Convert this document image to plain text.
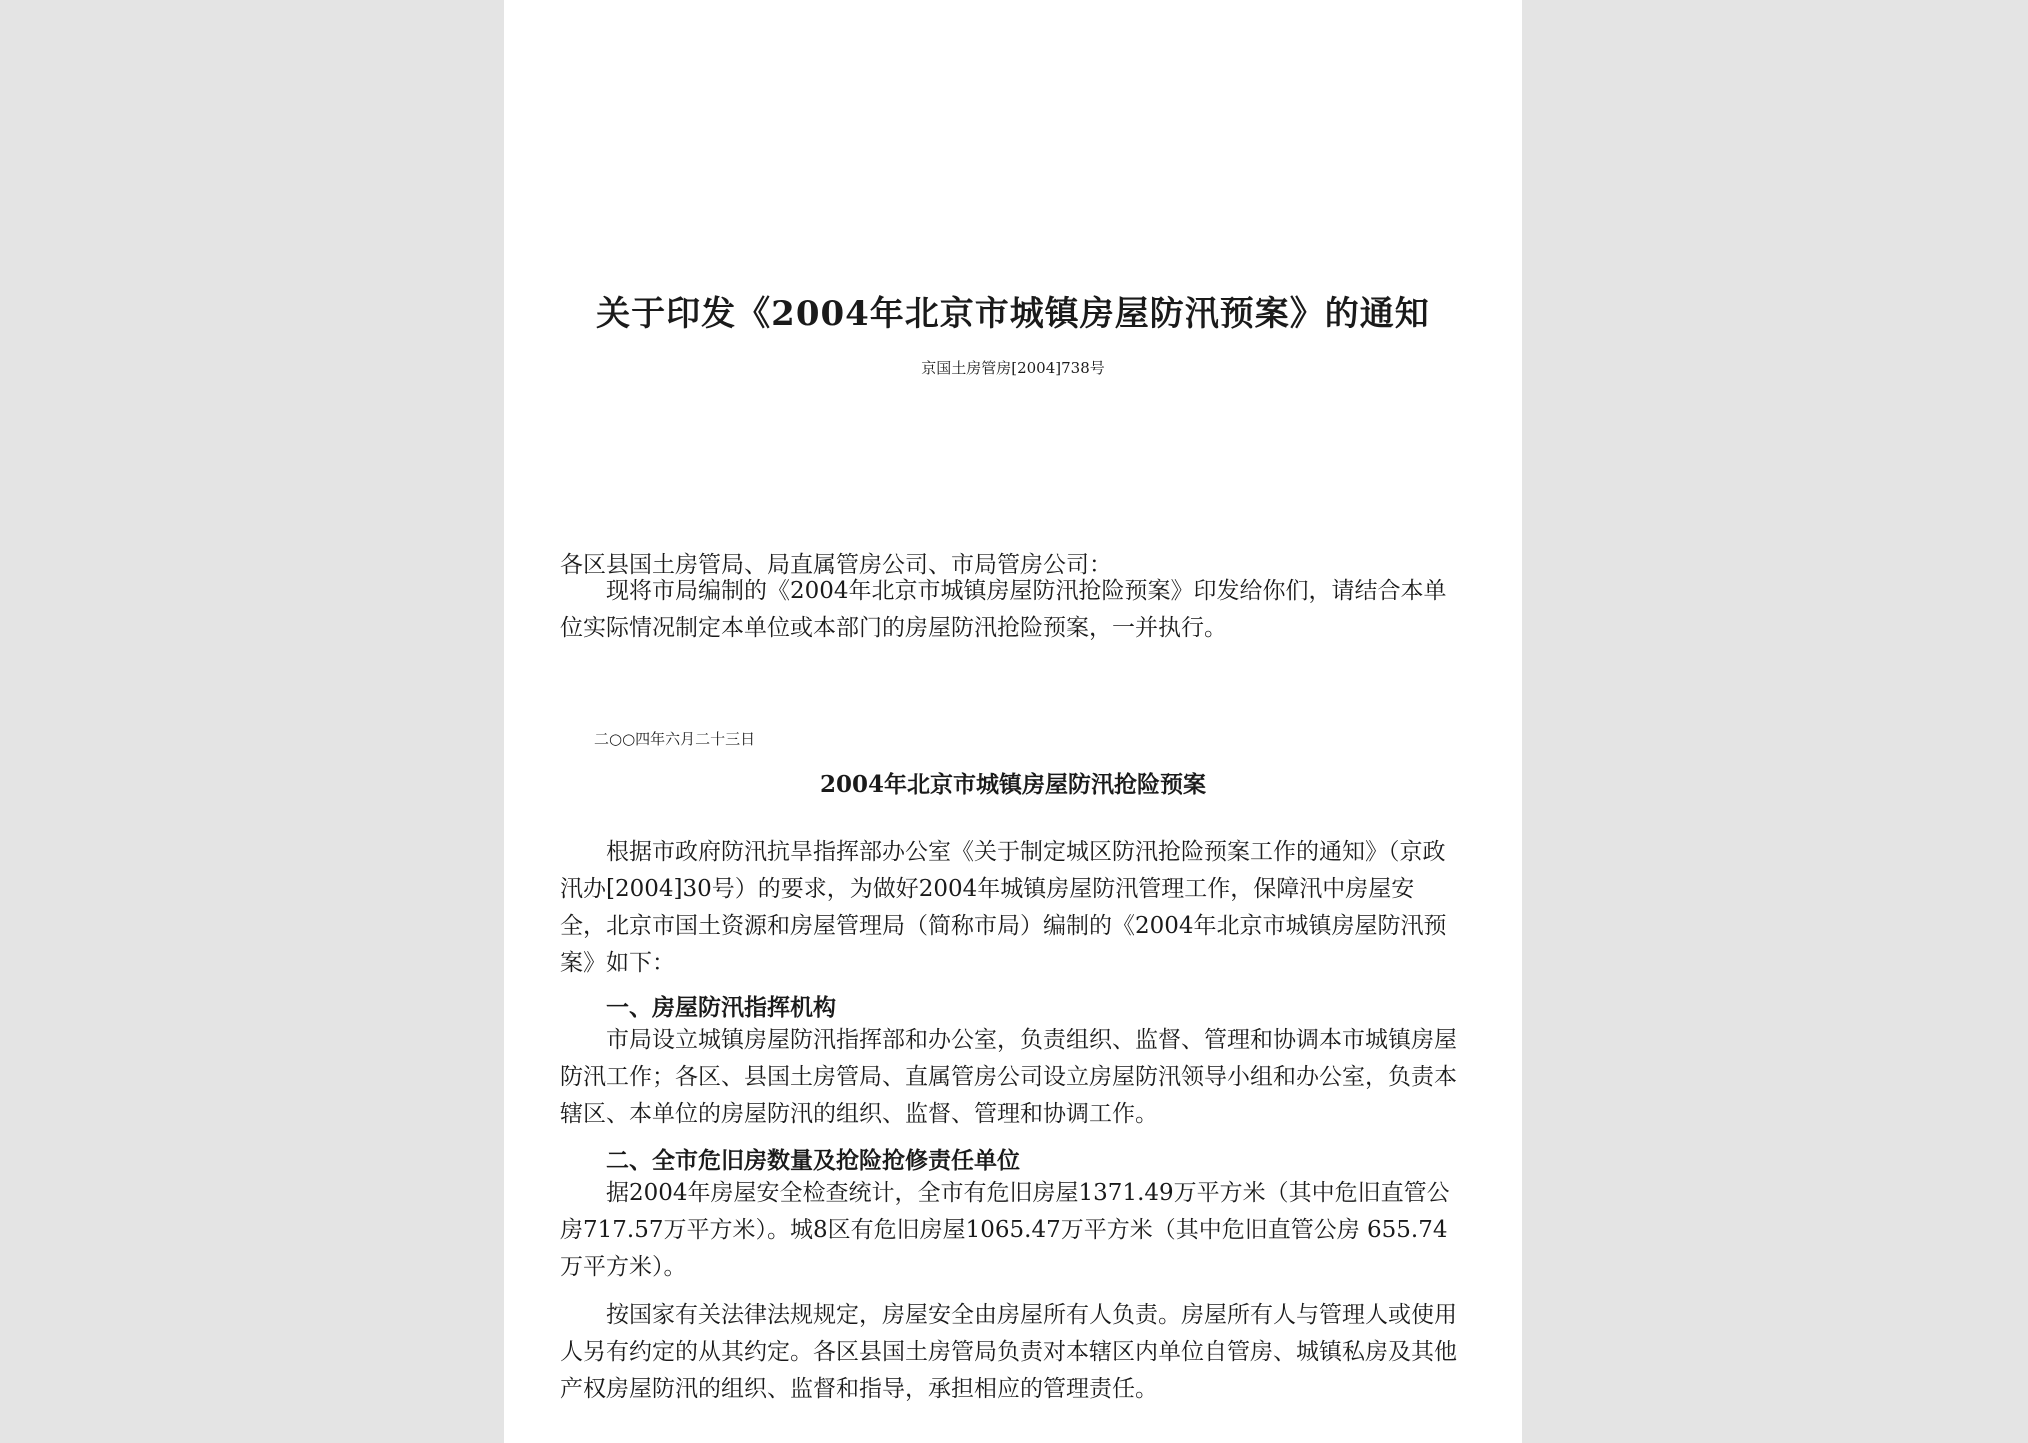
关于印发《2004年北京市城镇房屋防汛预案》的通知
京国土房管房[2004]738号

各区县国土房管局、局直属管房公司、市局管房公司：

现将市局编制的《2004年北京市城镇房屋防汛抢险预案》印发给你们，请结合本单位实际情况制定本单位或本部门的房屋防汛抢险预案，一并执行。

二○○四年六月二十三日
2004年北京市城镇房屋防汛抢险预案

根据市政府防汛抗旱指挥部办公室《关于制定城区防汛抢险预案工作的通知》（京政汛办[2004]30号）的要求，为做好2004年城镇房屋防汛管理工作，保障汛中房屋安全，北京市国土资源和房屋管理局（简称市局）编制的《2004年北京市城镇房屋防汛预案》如下：

一、房屋防汛指挥机构

市局设立城镇房屋防汛指挥部和办公室，负责组织、监督、管理和协调本市城镇房屋防汛工作；各区、县国土房管局、直属管房公司设立房屋防汛领导小组和办公室，负责本辖区、本单位的房屋防汛的组织、监督、管理和协调工作。

二、全市危旧房数量及抢险抢修责任单位

据2004年房屋安全检查统计，全市有危旧房屋1371.49万平方米（其中危旧直管公房717.57万平方米）。城8区有危旧房屋1065.47万平方米（其中危旧直管公房 655.74万平方米）。

按国家有关法律法规规定，房屋安全由房屋所有人负责。房屋所有人与管理人或使用人另有约定的从其约定。各区县国土房管局负责对本辖区内单位自管房、城镇私房及其他产权房屋防汛的组织、监督和指导，承担相应的管理责任。
